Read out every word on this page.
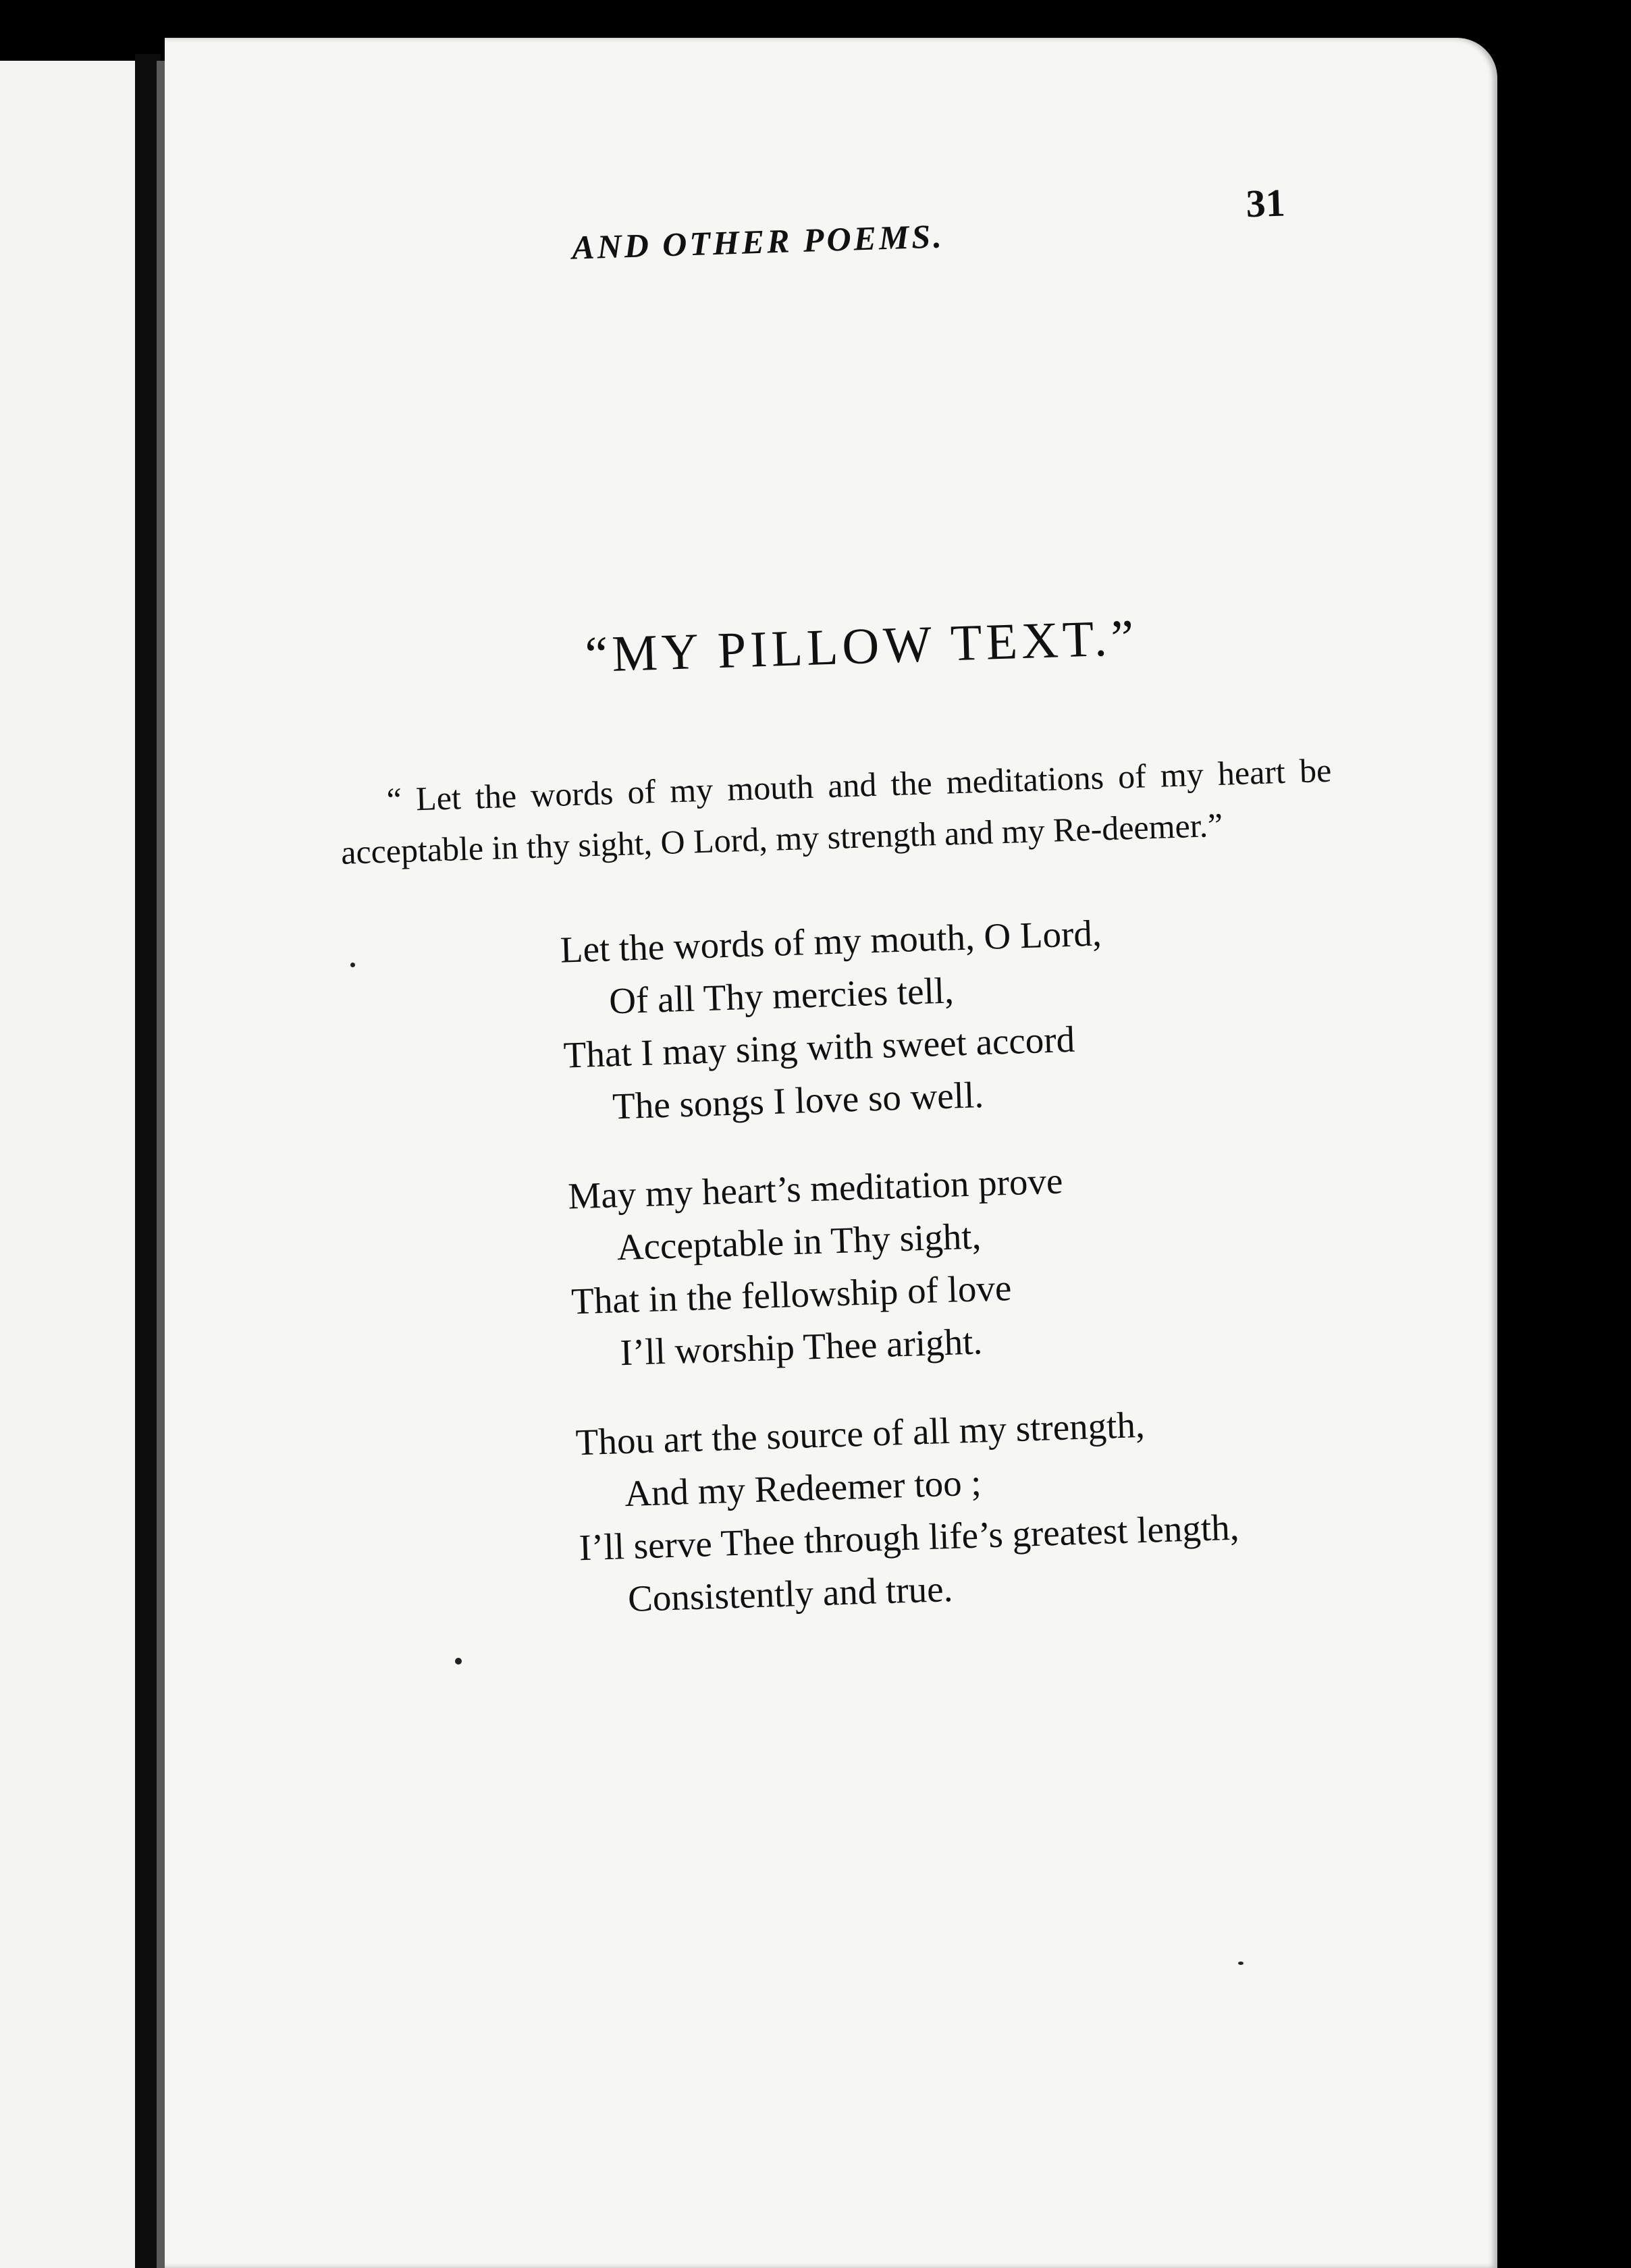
AND OTHER POEMS.
31
“MY PILLOW TEXT.”
“ Let the words of my mouth and the meditations of my heart be acceptable in thy sight, O Lord, my strength and my Re-deemer.”
Let the words of my mouth, O Lord,
Of all Thy mercies tell,
That I may sing with sweet accord
The songs I love so well.
May my heart’s meditation prove
Acceptable in Thy sight,
That in the fellowship of love
I’ll worship Thee aright.
Thou art the source of all my strength,
And my Redeemer too ;
I’ll serve Thee through life’s greatest length,
Consistently and true.
